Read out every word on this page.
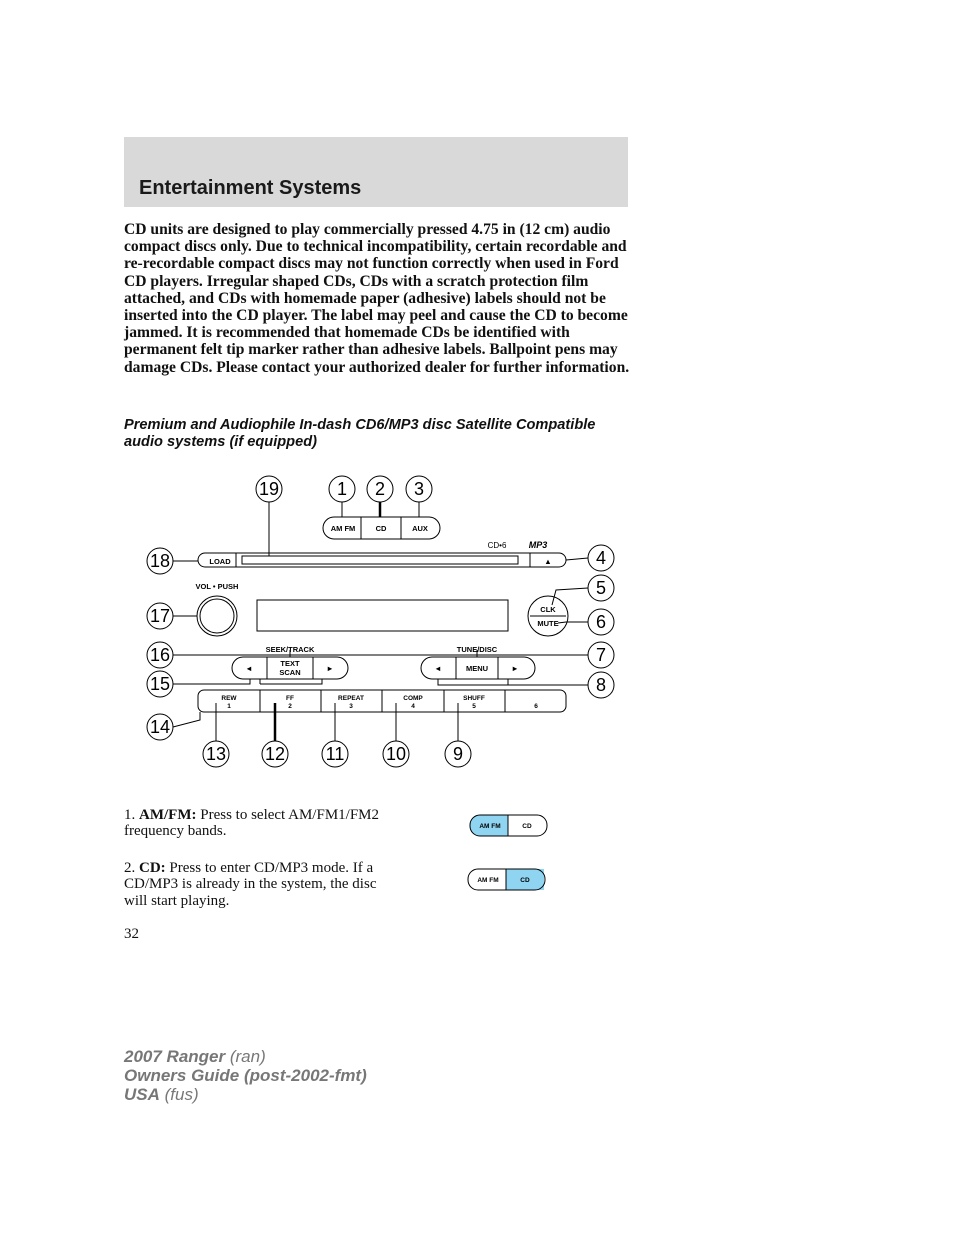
Entertainment Systems
CD units are designed to play commercially pressed 4.75 in (12 cm) audio compact discs only. Due to technical incompatibility, certain recordable and re-recordable compact discs may not function correctly when used in Ford CD players. Irregular shaped CDs, CDs with a scratch protection film attached, and CDs with homemade paper (adhesive) labels should not be inserted into the CD player. The label may peel and cause the CD to become jammed. It is recommended that homemade CDs be identified with permanent felt tip marker rather than adhesive labels. Ballpoint pens may damage CDs. Please contact your authorized dealer for further information.
Premium and Audiophile In-dash CD6/MP3 disc Satellite Compatible audio systems (if equipped)
1 2 3
4
5
6
7
8
9
10
11
12
13
14
15
16
17
18
19
AM FM	CD	AUX
LOAD	▲
CD•6 MP3
VOL • PUSH
CLK
MUTE
SEEK/TRACK
◄
TEXT
SCAN	►
TUNE/DISC
◄	MENU	►
REW
1
FF
2
REPEAT
3
COMP
4
SHUFF
5	6
1. AM/FM: Press to select AM/FM1/FM2 frequency bands.	AM FM	CD
2. CD: Press to enter CD/MP3 mode. If a CD/MP3 is already in the system, the disc will start playing.
AM FM	CD
32
2007 Ranger (ran)
Owners Guide (post-2002-fmt)
USA (fus)
